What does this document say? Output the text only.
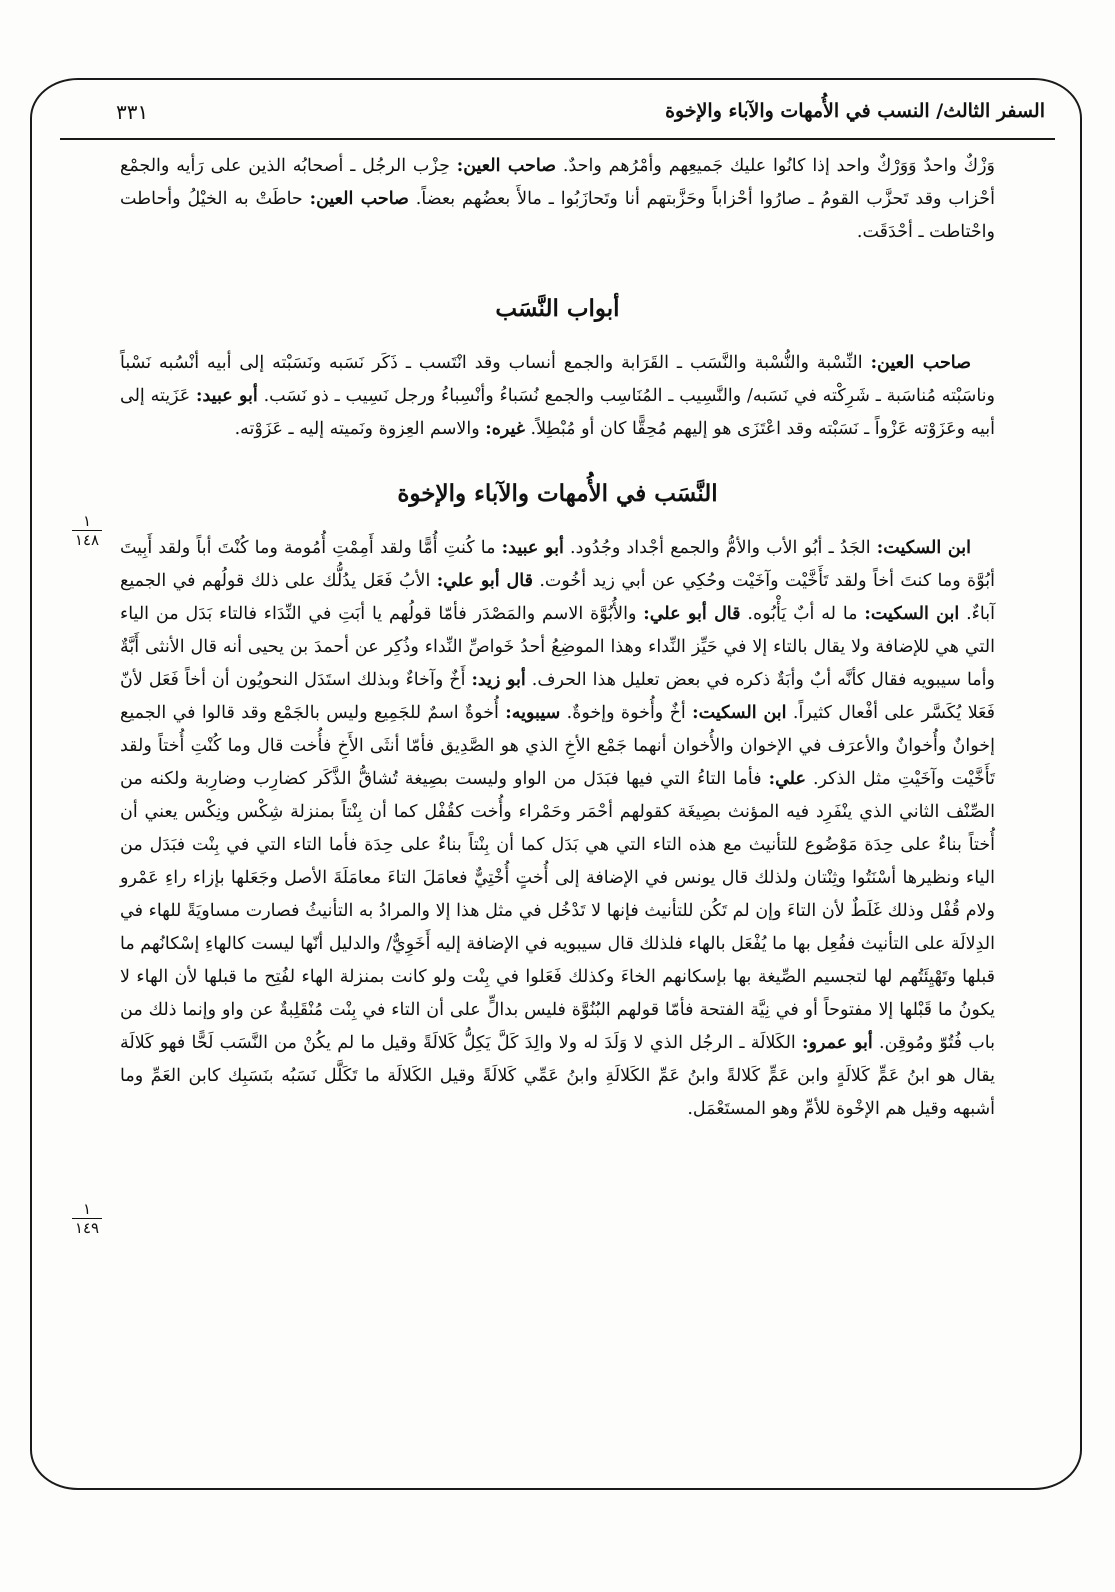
السفر الثالث/ النسب في الأُمهات والآباء والإخوة
٣٣١
١
١٤٨
١
١٤٩

وَزْكٌ واحدٌ وَوَرْكٌ واحد إذا كانُوا عليك جَميعِهم وأمْرُهم واحدٌ. صاحب العين: حِزْب الرجُل ـ أصحابُه الذين على رَأيه والجمْع أحْزاب وقد تَحزَّب القومُ ـ صارُوا أحْزاباً وحَزَّبتهم أنا وتَحازَبُوا ـ مالأَ بعضُهم بعضاً. صاحب العين: حاطَتْ به الخيْلُ وأحاطت واحْتاطت ـ أحْدَقَت.

أبواب النَّسَب

صاحب العين: النِّسْبة والنُّسْبة والنَّسَب ـ القَرَابة والجمع أنساب وقد انْتَسب ـ ذَكَر نَسَبه ونَسَبْته إلى أبيه أنْسُبه نَسْباً وناسَبْته مُناسَبة ـ شَرِكْته في نَسَبه/ والنَّسِيب ـ المُنَاسِب والجمع نُسَباءُ وأنْسِباءُ ورجل نَسِيب ـ ذو نَسَب. أبو عبيد: عَزَيته إلى أبيه وعَزَوْته عَزْواً ـ نَسَبْته وقد اعْتَزَى هو إليهم مُحِقًّا كان أو مُبْطِلاً. غيره: والاسم العِزوة ونَميته إليه ـ عَزَوْته.

النَّسَب في الأُمهات والآباء والإخوة

ابن السكيت: الجَدُ ـ أبُو الأب والأمُّ والجمع أجْداد وجُدُود. أبو عبيد: ما كُنتِ أُمًّا ولقد أَمِمْتِ أُمُومة وما كُنْتَ أباً ولقد أَبِيتَ أبُوَّة وما كنتَ أخاً ولقد تَأَخَّيْت وآخَيْت وحُكِي عن أبي زيد أخُوت. قال أبو علي: الأبُ فَعَل يدُلُّك على ذلك قولُهم في الجميع آباءٌ. ابن السكيت: ما له أبٌ يَأْبُوه. قال أبو علي: والأُبُوَّة الاسم والمَصْدَر فأمّا قولُهم يا أبَتِ في النِّدَاء فالتاء بَدَل من الياء التي هي للإضافة ولا يقال بالتاء إلا في حَيِّز النِّداء وهذا الموضِعُ أحدُ خَواصِّ النِّداء وذُكِر عن أحمدَ بن يحيى أنه قال الأنثى أَبَّةٌ وأما سيبويه فقال كأنَّه أبٌ وأبَةٌ ذكره في بعض تعليل هذا الحرف. أبو زيد: أَخٌ وآخاءٌ وبذلك استَدَل النحويُون أن أخاً فَعَل لأنّ فَعَلا يُكَسَّر على أفْعال كثيراً. ابن السكيت: أخٌ وأُخوة وإخوةٌ. سيبويه: أُخوةٌ اسمٌ للجَمِيع وليس بالجَمْع وقد قالوا في الجميع إخوانٌ وأُخوانٌ والأعرَف في الإخوان والأُخوان أنهما جَمْع الأخِ الذي هو الصَّدِيق فأمّا أنثَى الأَخِ فأُخت قال وما كُنْتِ أُختاً ولقد تَأَخَّيْت وآخَيْتِ مثل الذكر. علي: فأما التاءُ التي فيها فبَدَل من الواو وليست بصِيغة تُشاقُّ الذَّكَر كضارِب وضارِبة ولكنه من الصِّنْف الثاني الذي ينْفَرِد فيه المؤنث بصِيغَة كقولهم أحْمَر وحَمْراء وأُخت كقُفْل كما أن بِنْتاً بمنزلة شِكْس ونِكْس يعني أن أُختاً بناءٌ على حِدَة مَوْضُوع للتأنيث مع هذه التاء التي هي بَدَل كما أن بِنْتاً بناءٌ على حِدَة فأما التاء التي في بِنْت فبَدَل من الياء ونظيرها أسْنَتُوا وثِنْتان ولذلك قال يونس في الإضافة إلى أُختٍ أُخْتِيٌّ فعامَلَ التاءَ معامَلَةَ الأصل وجَعَلها بإزاء راءِ عَمْرو ولام قُفْل وذلك غَلَطٌ لأن التاءَ وإن لم تَكُن للتأنيث فإنها لا تَدْخُل في مثل هذا إلا والمرادُ به التأنيثُ فصارت مساويَةً للهاء في الدِلالَة على التأنيث ففُعِل بها ما يُفْعَل بالهاء فلذلك قال سيبويه في الإضافة إليه أَخَوِيٌّ/ والدليل أنّها ليست كالهاءِ إسْكانُهم ما قبلها وتَهْيِئَتُهم لها لتجسيم الصِّيغة بها بإسكانهم الخاءَ وكذلك فَعَلوا في بِنْت ولو كانت بمنزلة الهاء لفُتِح ما قبلها لأن الهاء لا يكونُ ما قَبْلها إلا مفتوحاً أو في نِيَّة الفتحة فأمّا قولهم البُنُوَّة فليس بدالٍّ على أن التاء في بِنْت مُنْقَلِبةٌ عن واو وإنما ذلك من باب فُتُوّ ومُوقِن. أبو عمرو: الكَلالَة ـ الرجُل الذي لا وَلَدَ له ولا والِدَ كَلَّ يَكِلُّ كَلالَةً وقيل ما لم يكُنْ من النَّسَب لَحًّا فهو كَلالَة يقال هو ابنُ عَمٍّ كَلالَةٍ وابن عَمٍّ كَلالةً وابنُ عَمِّ الكَلالَةِ وابنُ عَمِّي كَلالَةً وقيل الكَلالَة ما تَكَلَّل نَسَبُه بنَسَبِك كابن العَمِّ وما أشبهه وقيل هم الإخْوة للأمِّ وهو المستَعْمَل.
